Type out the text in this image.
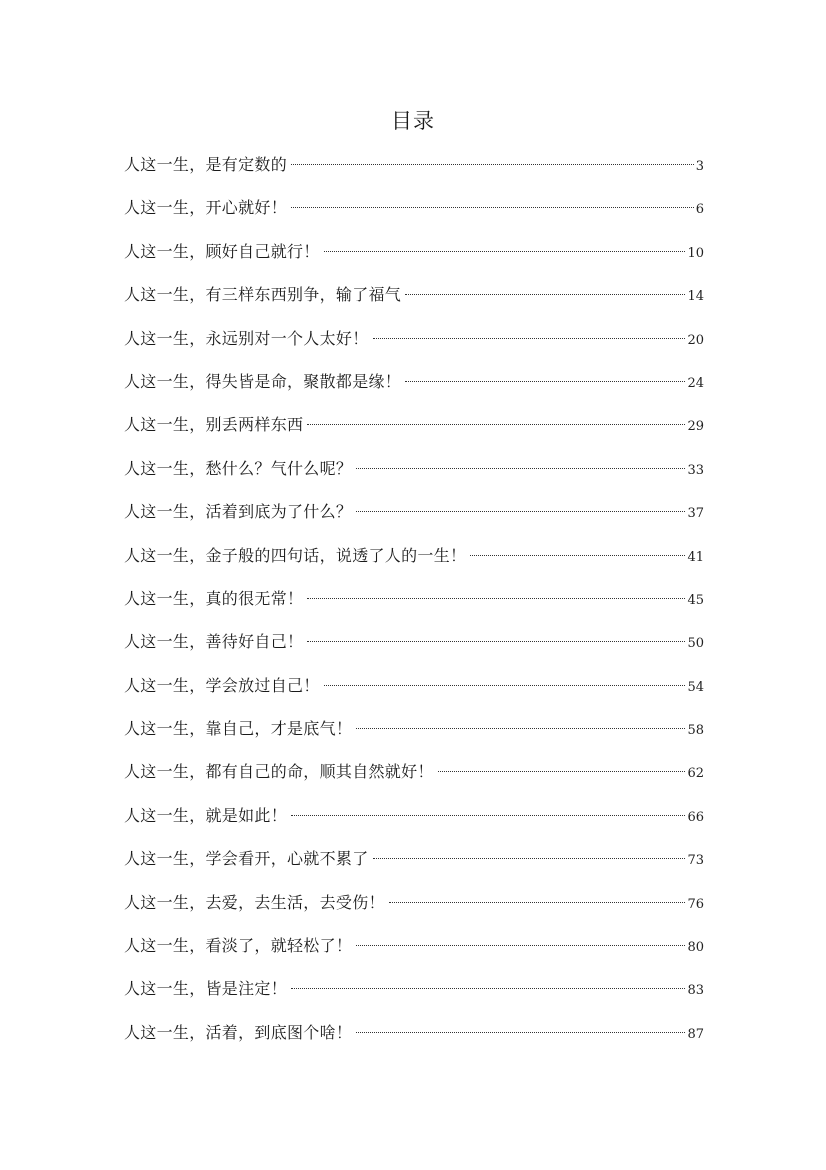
目录
人这一生，是有定数的	3
人这一生，开心就好！	6
人这一生，顾好自己就行！	10
人这一生，有三样东西别争，输了福气	14
人这一生，永远别对一个人太好！	20
人这一生，得失皆是命，聚散都是缘！	24
人这一生，别丢两样东西	29
人这一生，愁什么？气什么呢？	33
人这一生，活着到底为了什么？	37
人这一生，金子般的四句话，说透了人的一生！	41
人这一生，真的很无常！	45
人这一生，善待好自己！	50
人这一生，学会放过自己！	54
人这一生，靠自己，才是底气！	58
人这一生，都有自己的命，顺其自然就好！	62
人这一生，就是如此！	66
人这一生，学会看开，心就不累了	73
人这一生，去爱，去生活，去受伤！	76
人这一生，看淡了，就轻松了！	80
人这一生，皆是注定！	83
人这一生，活着，到底图个啥！	87
